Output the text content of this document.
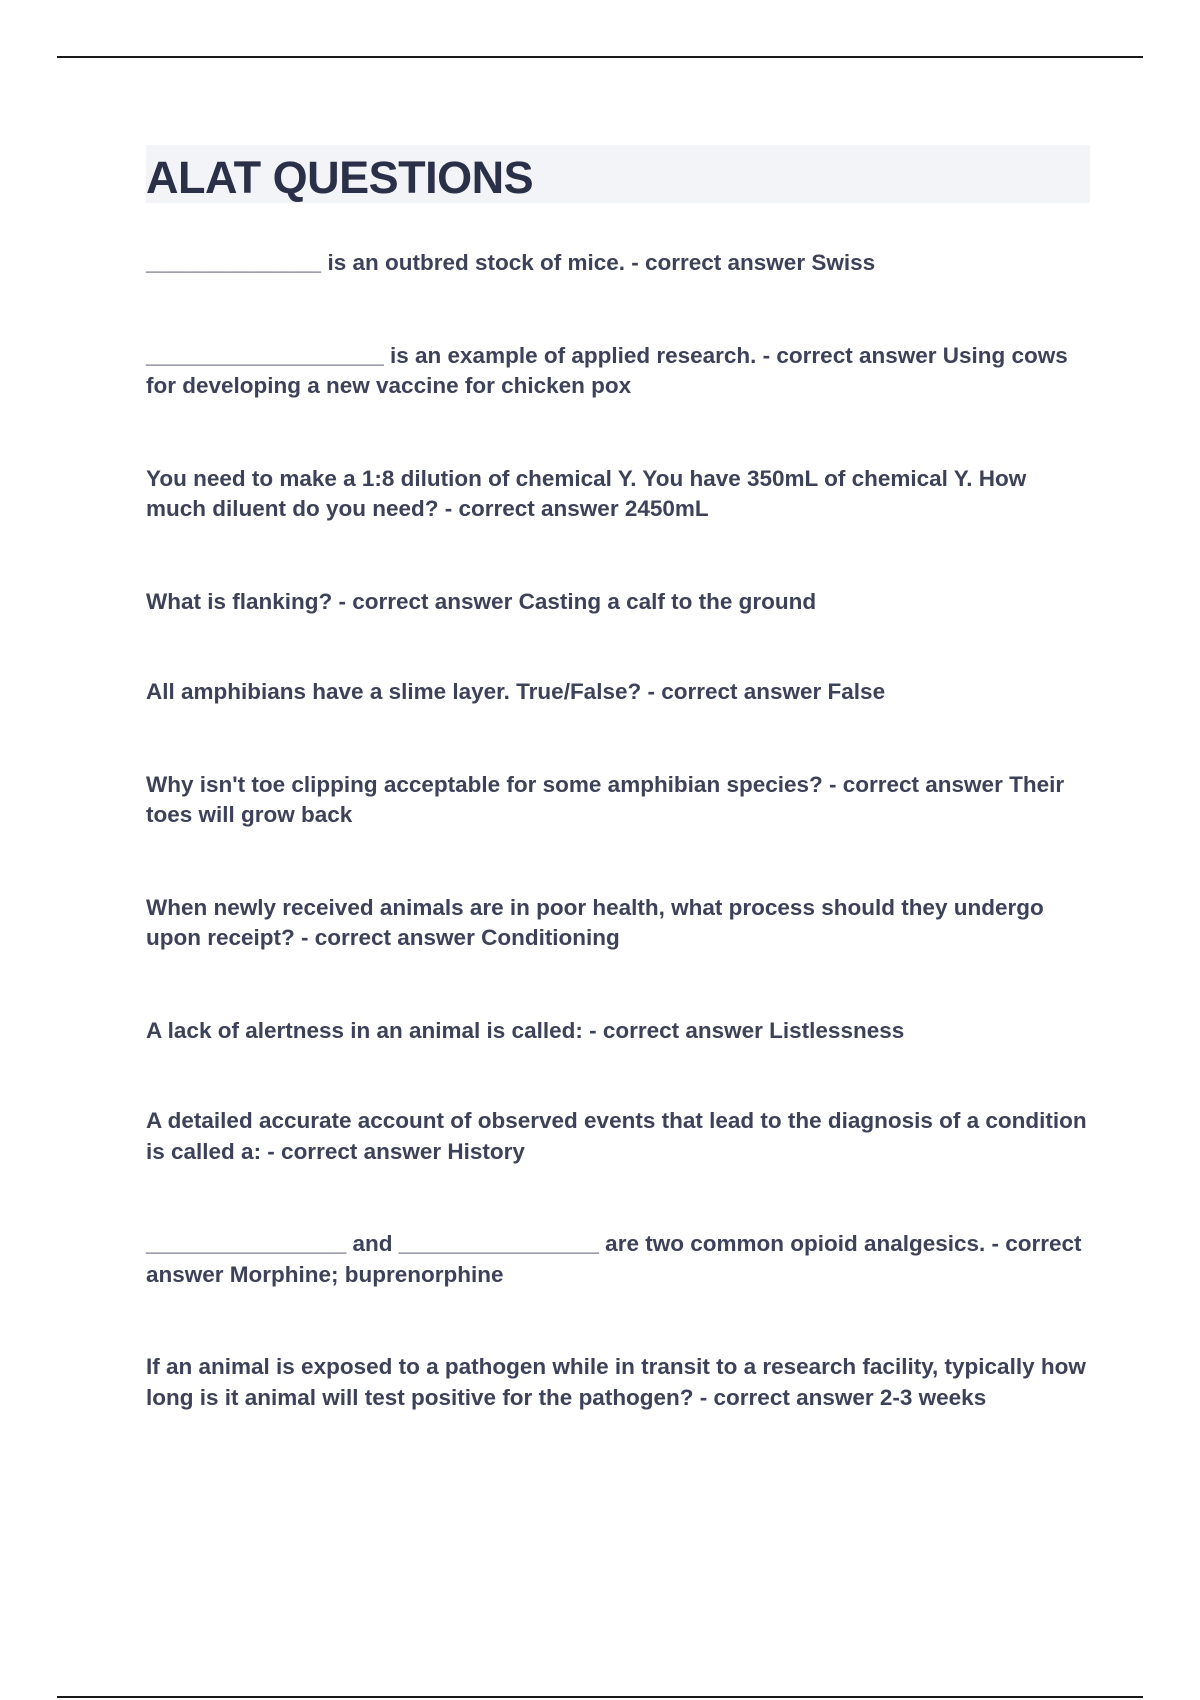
ALAT QUESTIONS
______________ is an outbred stock of mice. - correct answer Swiss
___________________ is an example of applied research. - correct answer Using cows for developing a new vaccine for chicken pox
You need to make a 1:8 dilution of chemical Y. You have 350mL of chemical Y. How much diluent do you need? - correct answer 2450mL
What is flanking? - correct answer Casting a calf to the ground
All amphibians have a slime layer. True/False? - correct answer False
Why isn't toe clipping acceptable for some amphibian species? - correct answer Their toes will grow back
When newly received animals are in poor health, what process should they undergo upon receipt? - correct answer Conditioning
A lack of alertness in an animal is called: - correct answer Listlessness
A detailed accurate account of observed events that lead to the diagnosis of a condition is called a: - correct answer History
________________ and ________________ are two common opioid analgesics. - correct answer Morphine; buprenorphine
If an animal is exposed to a pathogen while in transit to a research facility, typically how long is it animal will test positive for the pathogen? - correct answer 2-3 weeks
